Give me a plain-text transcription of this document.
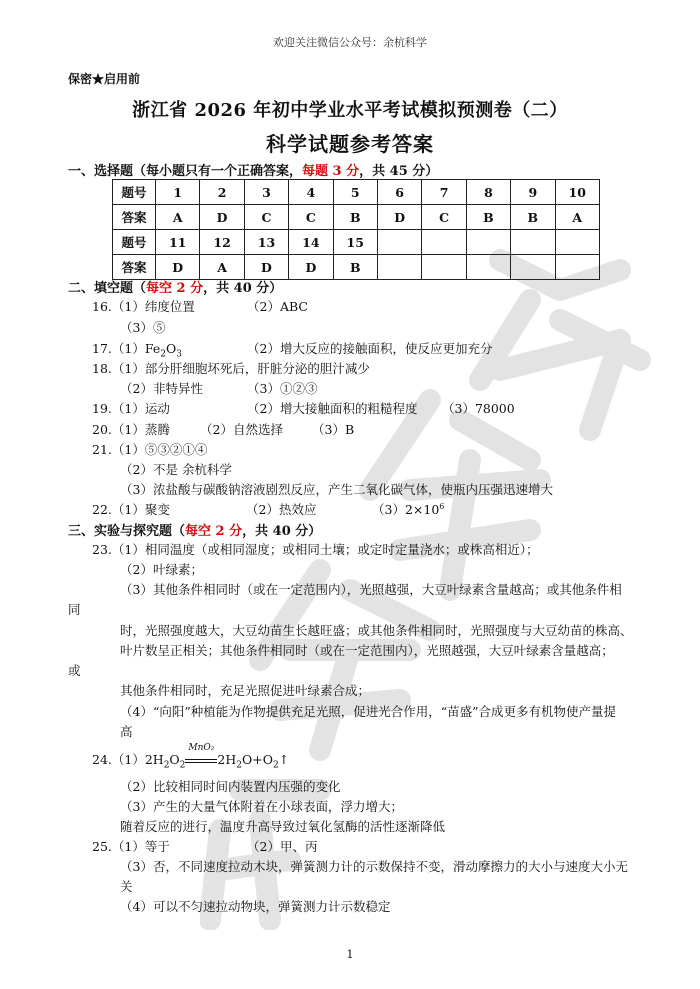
欢迎关注微信公众号：余杭科学
保密★启用前
浙江省 2026 年初中学业水平考试模拟预测卷（二）
科学试题参考答案
一、选择题（每小题只有一个正确答案，每题 3 分，共 45 分）
题号	1	2	3	4	5	6	7	8	9	10
答案	A	D	C	C	B	D	C	B	B	A
题号	11	12	13	14	15					
答案	D	A	D	D	B					
二、填空题（每空 2 分，共 40 分）
16.（1）纬度位置	（2）ABC
（3）⑤
$17.(1)Fe_2O_3$	（2）增大反应的接触面积，使反应更加充分
18.（1）部分肝细胞坏死后，肝脏分泌的胆汁减少
（2）非特异性	（3）①②③
19.（1）运动	（2）增大接触面积的粗糙程度 （3）78000
20.（1）蒸腾 （2）自然选择 （3）B
21.（1）⑤③②①④
（2）不是 余杭科学
（3）浓盐酸与碳酸钠溶液剧烈反应，产生二氧化碳气体，使瓶内压强迅速增大
22.（1）聚变	（2）热效应	$(3)2\times 10^6$
三、实验与探究题（每空 2 分，共 40 分）
23.（1）相同温度（或相同湿度；或相同土壤；或定时定量浇水；或株高相近）；
（2）叶绿素；
（3）其他条件相同时（或在一定范围内），光照越强，大豆叶绿素含量越高；或其他条件相
同
时，光照强度越大，大豆幼苗生长越旺盛；或其他条件相同时，光照强度与大豆幼苗的株高、
叶片数呈正相关；其他条件相同时（或在一定范围内），光照越强，大豆叶绿素含量越高；
或
其他条件相同时，充足光照促进叶绿素合成；
（4）“向阳”种植能为作物提供充足光照，促进光合作用，“苗盛”合成更多有机物使产量提
高
$24.(1)2H_2O_2$
MnO₂
$2H_2O+O_2↑$
（2）比较相同时间内装置内压强的变化
（3）产生的大量气体附着在小球表面，浮力增大；
随着反应的进行，温度升高导致过氧化氢酶的活性逐渐降低
25.（1）等于	（2）甲、丙
（3）否，不同速度拉动木块，弹簧测力计的示数保持不变，滑动摩擦力的大小与速度大小无
关
（4）可以不匀速拉动物块，弹簧测力计示数稳定
1
